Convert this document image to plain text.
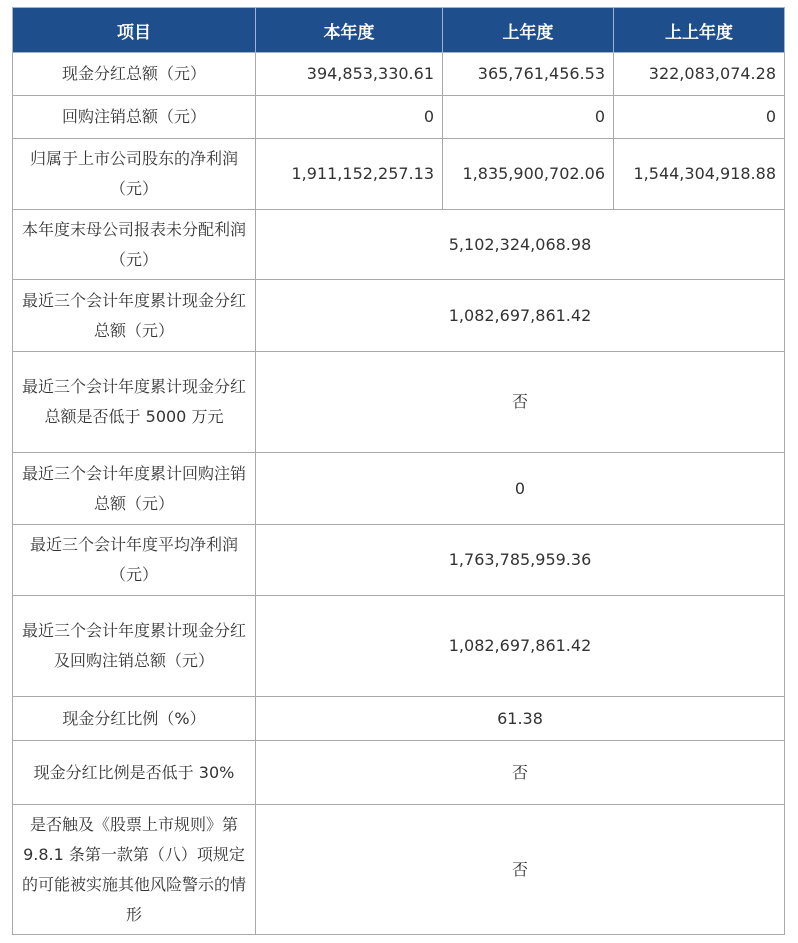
项目	本年度	上年度	上上年度
现金分红总额（元）	394,853,330.61	365,761,456.53	322,083,074.28
回购注销总额（元）	0	0	0
归属于上市公司股东的净利润（元）	1,911,152,257.13	1,835,900,702.06	1,544,304,918.88
本年度末母公司报表未分配利润（元）	5,102,324,068.98		
最近三个会计年度累计现金分红总额（元）	1,082,697,861.42		
最近三个会计年度累计现金分红总额是否低于 5000 万元	否		
最近三个会计年度累计回购注销总额（元）	0		
最近三个会计年度平均净利润（元）	1,763,785,959.36		
最近三个会计年度累计现金分红及回购注销总额（元）	1,082,697,861.42		
现金分红比例（%）	61.38		
现金分红比例是否低于 30%	否		
是否触及《股票上市规则》第 9.8.1 条第一款第（八）项规定的可能被实施其他风险警示的情形	否		
